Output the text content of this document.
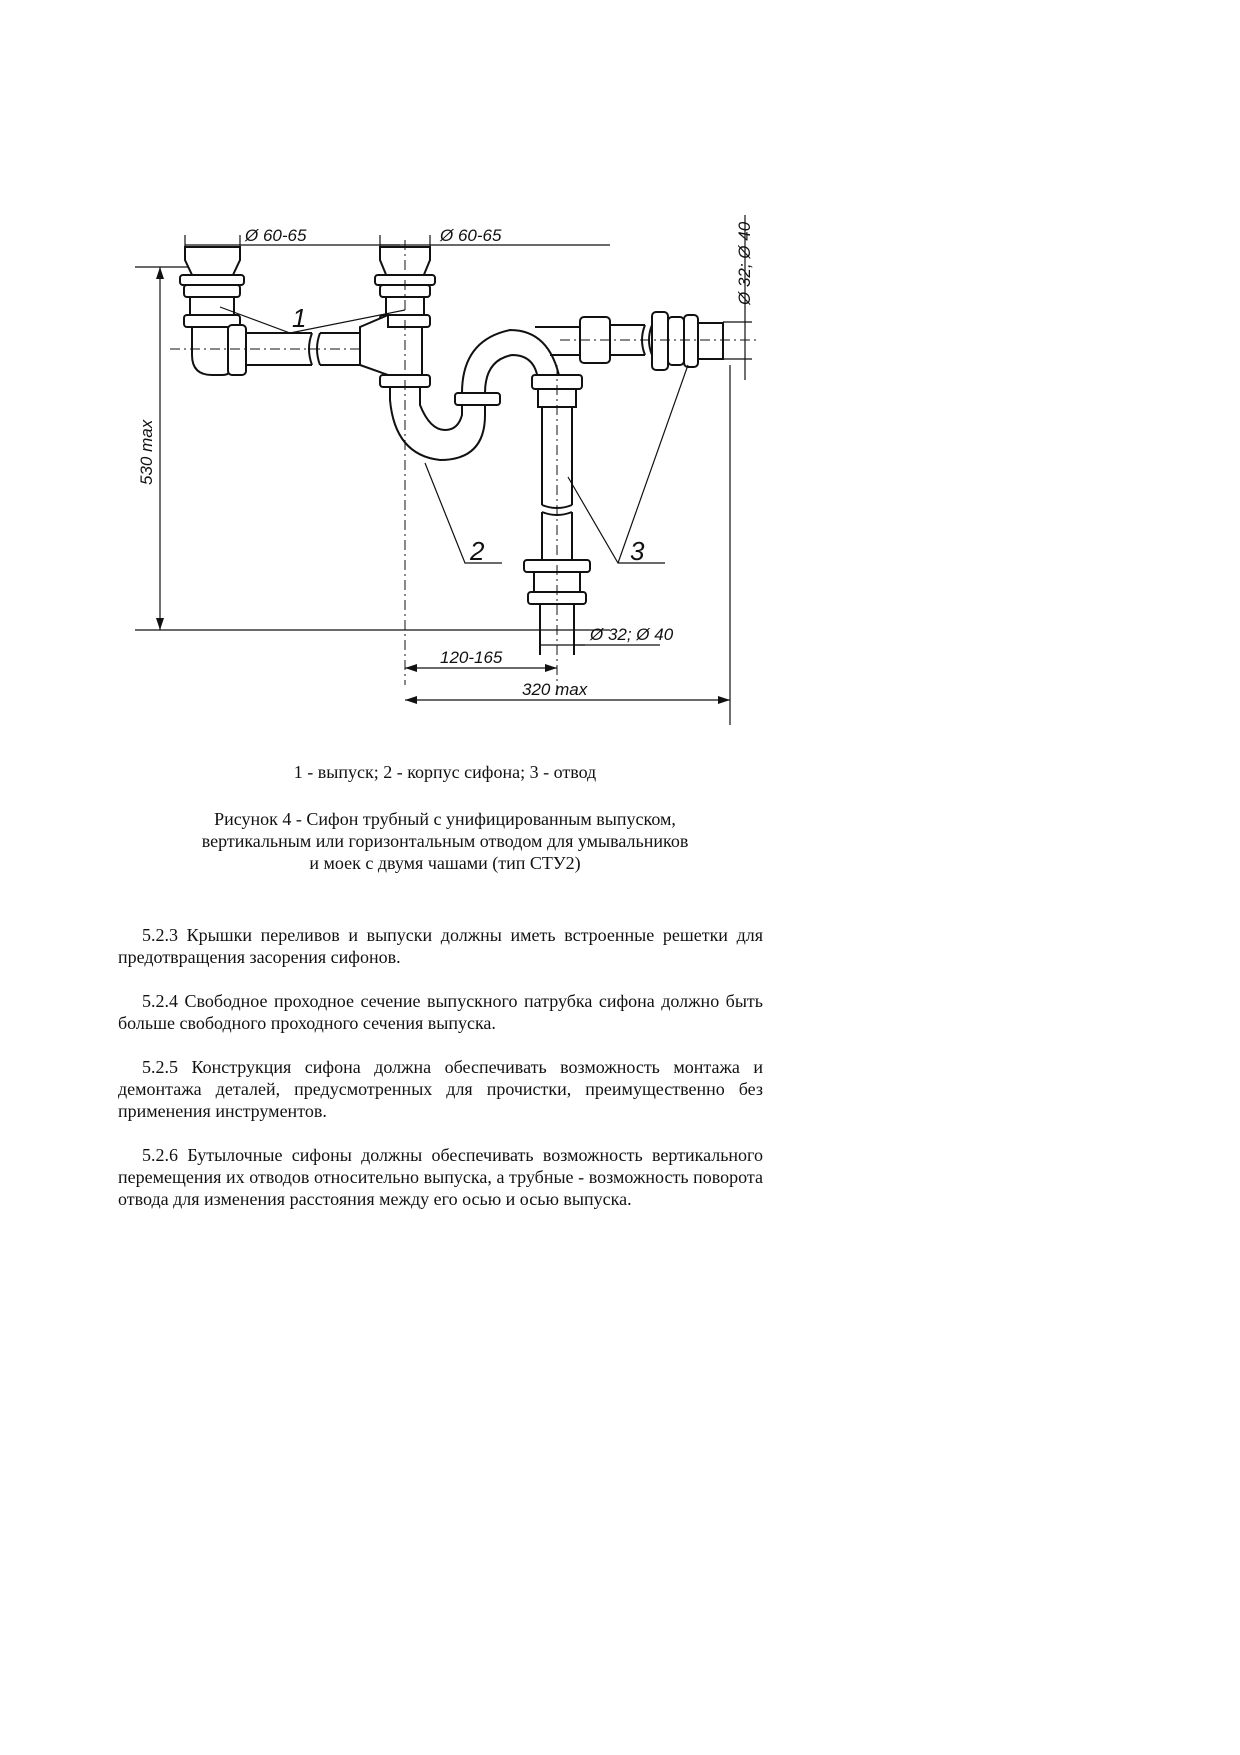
Ø 60-65	Ø 60-65
530 max
Ø 32; Ø 40
Ø 32; Ø 40
120-165
320 max
1
2	3
1 - выпуск; 2 - корпус сифона; 3 - отвод
Рисунок 4 - Сифон трубный с унифицированным выпуском,
вертикальным или горизонтальным отводом для умывальников
и моек с двумя чашами (тип СТУ2)

5.2.3 Крышки переливов и выпуски должны иметь встроенные решетки для предотвращения засорения сифонов.

5.2.4 Свободное проходное сечение выпускного патрубка сифона должно быть больше свободного проходного сечения выпуска.

5.2.5 Конструкция сифона должна обеспечивать возможность монтажа и демонтажа деталей, предусмотренных для прочистки, преимущественно без применения инструментов.

5.2.6 Бутылочные сифоны должны обеспечивать возможность вертикального перемещения их отводов относительно выпуска, а трубные - возможность поворота отвода для изменения расстояния между его осью и осью выпуска.
